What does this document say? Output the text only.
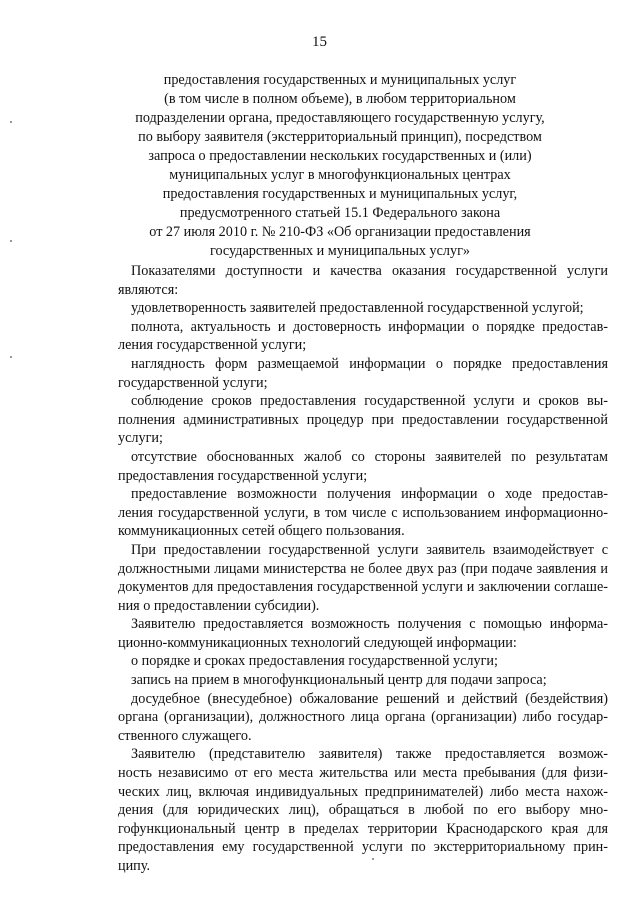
15
предоставления государственных и муниципальных услуг
(в том числе в полном объеме), в любом территориальном
подразделении органа, предоставляющего государственную услугу,
по выбору заявителя (экстерриториальный принцип), посредством
запроса о предоставлении нескольких государственных и (или)
муниципальных услуг в многофункциональных центрах
предоставления государственных и муниципальных услуг,
предусмотренного статьей 15.1 Федерального закона
от 27 июля 2010 г. № 210-ФЗ «Об организации предоставления
государственных и муниципальных услуг»
Показателями доступности и качества оказания государственной услуги
являются:
удовлетворенность заявителей предоставленной государственной услугой;
полнота, актуальность и достоверность информации о порядке предостав-
ления государственной услуги;
наглядность форм размещаемой информации о порядке предоставления
государственной услуги;
соблюдение сроков предоставления государственной услуги и сроков вы-
полнения административных процедур при предоставлении государственной
услуги;
отсутствие обоснованных жалоб со стороны заявителей по результатам
предоставления государственной услуги;
предоставление возможности получения информации о ходе предостав-
ления государственной услуги, в том числе с использованием информационно-
коммуникационных сетей общего пользования.
При предоставлении государственной услуги заявитель взаимодействует с
должностными лицами министерства не более двух раз (при подаче заявления и
документов для предоставления государственной услуги и заключении соглаше-
ния о предоставлении субсидии).
Заявителю предоставляется возможность получения с помощью информа-
ционно-коммуникационных технологий следующей информации:
о порядке и сроках предоставления государственной услуги;
запись на прием в многофункциональный центр для подачи запроса;
досудебное (внесудебное) обжалование решений и действий (бездействия)
органа (организации), должностного лица органа (организации) либо государ-
ственного служащего.
Заявителю (представителю заявителя) также предоставляется возмож-
ность независимо от его места жительства или места пребывания (для физи-
ческих лиц, включая индивидуальных предпринимателей) либо места нахож-
дения (для юридических лиц), обращаться в любой по его выбору мно-
гофункциональный центр в пределах территории Краснодарского края для
предоставления ему государственной услуги по экстерриториальному прин-
ципу.
